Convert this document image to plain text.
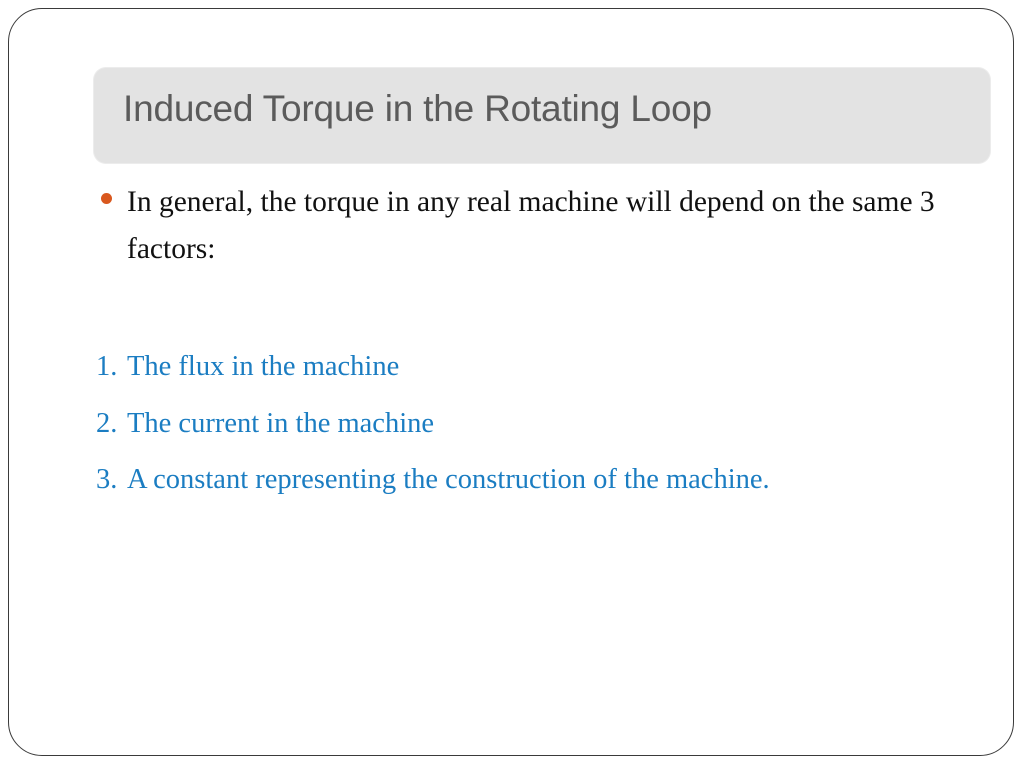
Induced Torque in the Rotating Loop
In general, the torque in any real machine will depend on the same 3 factors:
1. The flux in the machine
2. The current in the machine
3. A constant representing the construction of the machine.
